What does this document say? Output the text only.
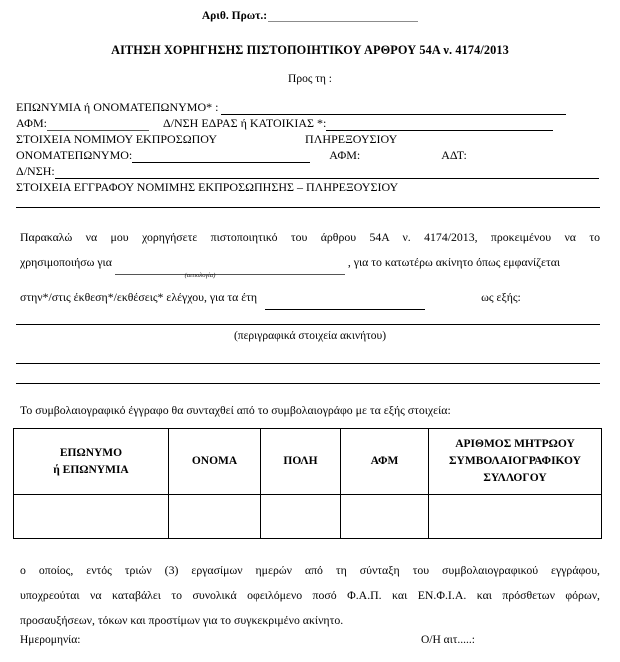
Αριθ. Πρωτ.:
ΑΙΤΗΣΗ ΧΟΡΗΓΗΣΗΣ ΠΙΣΤΟΠΟΙΗΤΙΚΟΥ ΑΡΘΡΟΥ 54Α ν. 4174/2013
Προς τη :
ΕΠΩΝΥΜΙΑ ή ΟΝΟΜΑΤΕΠΩΝΥΜΟ* :
ΑΦΜ:	Δ/ΝΣΗ ΕΔΡΑΣ ή ΚΑΤΟΙΚΙΑΣ *:
ΣΤΟΙΧΕΙΑ ΝΟΜΙΜΟΥ ΕΚΠΡΟΣΩΠΟΥ	ΠΛΗΡΕΞΟΥΣΙΟΥ
ΟΝΟΜΑΤΕΠΩΝΥΜΟ:	ΑΦΜ:	ΑΔΤ:
Δ/ΝΣΗ:
ΣΤΟΙΧΕΙΑ ΕΓΓΡΑΦΟΥ ΝΟΜΙΜΗΣ ΕΚΠΡΟΣΩΠΗΣΗΣ – ΠΛΗΡΕΞΟΥΣΙΟΥ
Παρακαλώ να μου χορηγήσετε πιστοποιητικό του άρθρου 54Α ν. 4174/2013, προκειμένου να το
χρησιμοποιήσω για	, για το κατωτέρω ακίνητο όπως εμφανίζεται
(αιτιολογία)
στην*/στις έκθεση*/εκθέσεις* ελέγχου, για τα έτη	ως εξής:
(περιγραφικά στοιχεία ακινήτου)
Το συμβολαιογραφικό έγγραφο θα συνταχθεί από το συμβολαιογράφο με τα εξής στοιχεία:
ΕΠΩΝΥΜΟ
ή ΕΠΩΝΥΜΙΑ	ΟΝΟΜΑ	ΠΟΛΗ	ΑΦΜ	ΑΡΙΘΜΟΣ ΜΗΤΡΩΟΥ
ΣΥΜΒΟΛΑΙΟΓΡΑΦΙΚΟΥ
ΣΥΛΛΟΓΟΥ

ο οποίος, εντός τριών (3) εργασίμων ημερών από τη σύνταξη του συμβολαιογραφικού εγγράφου,
υποχρεούται να καταβάλει το συνολικά οφειλόμενο ποσό Φ.Α.Π. και ΕΝ.Φ.Ι.Α. και πρόσθετων φόρων,
προσαυξήσεων, τόκων και προστίμων για το συγκεκριμένο ακίνητο.
Ημερομηνία:	Ο/Η αιτ.....:
